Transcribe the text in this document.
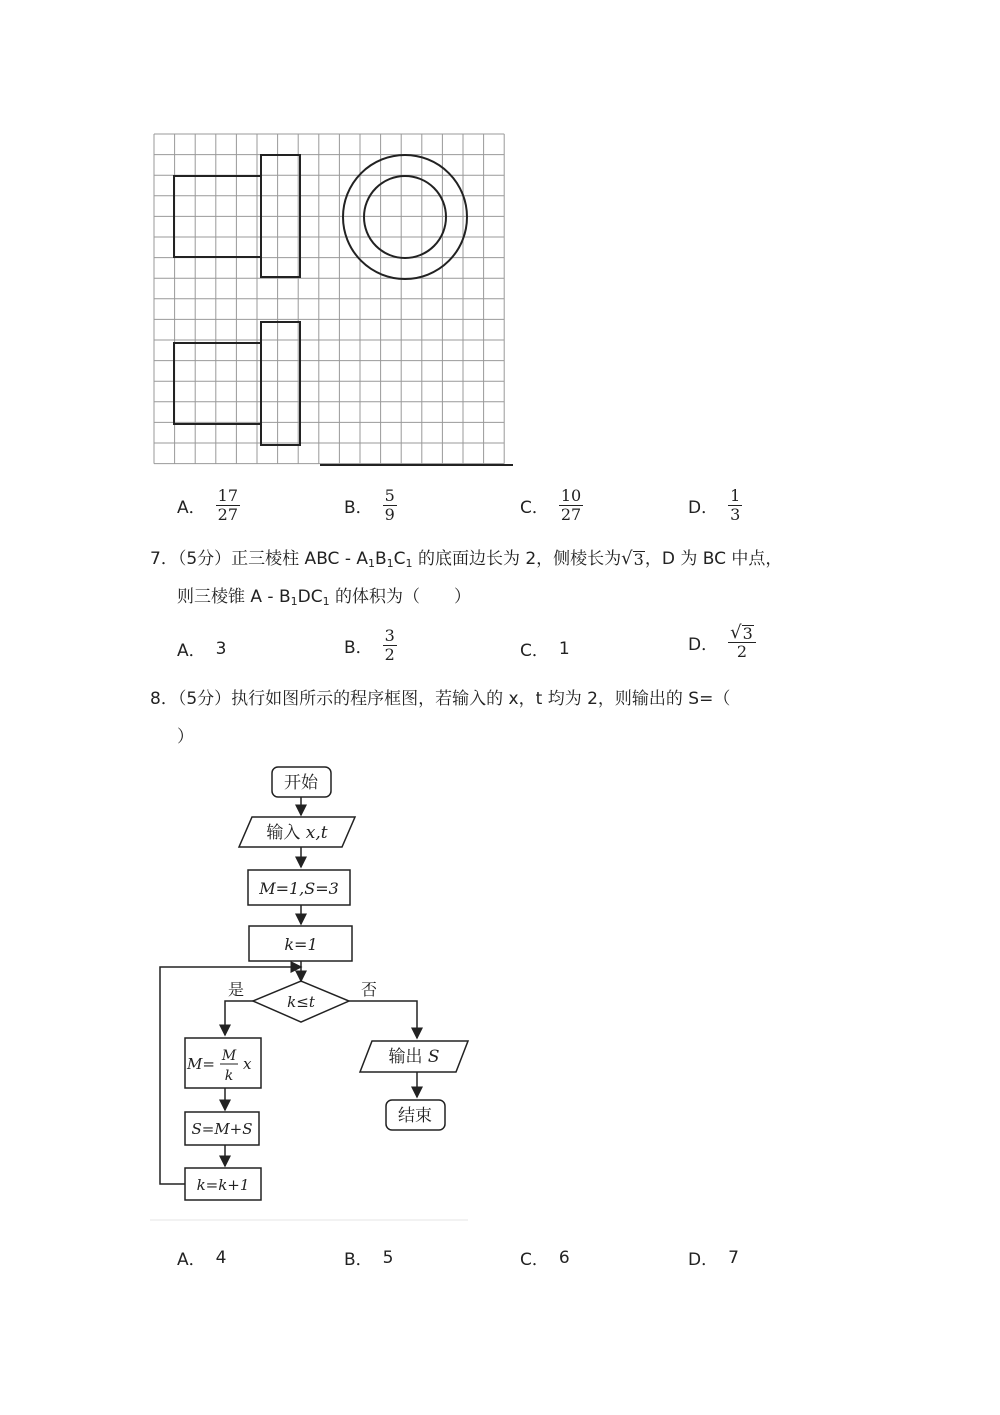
A． $\frac{17}{27}$	B． $\frac{5}{9}$	C． $\frac{10}{27}$	D． $\frac{1}{3}$
7．（5分）正三棱柱 ABC - $A_1B_1C_1$ 的底面边长为 2，侧棱长为 √ 3 ，D 为 BC 中点，
则三棱锥 A - $B_1DC_1$ 的体积为（　　）
A． 3	B． $\frac{3}{2}$	C． 1	D． $\frac{√ 3}{2}$
8．（5分）执行如图所示的程序框图，若输入的 x，t 均为 2，则输出的 S=（
）
开始
输入 x,t
M=1,S=3
k=1
k≤t
是	否
M= M
k
x
S=M+S
k=k+1
输出 S
结束
A． 4	B． 5	C． 6	D． 7
